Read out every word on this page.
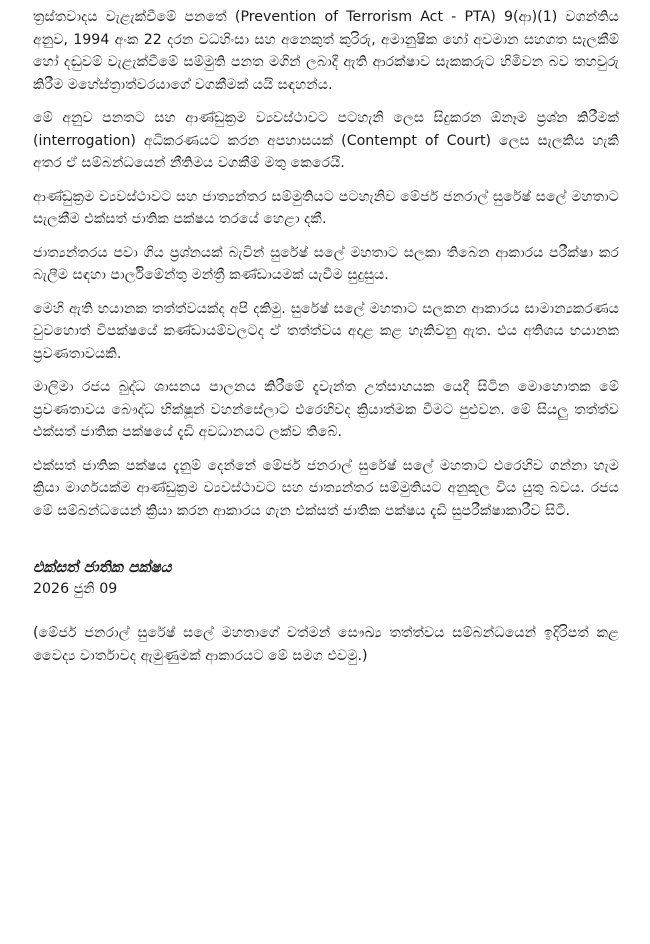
ත්‍රස්තවාදය වැළැක්වීමේ පනතේ (Prevention of Terrorism Act - PTA) 9(ආ)(1) වගන්තිය අනුව, 1994 අංක 22 දරන වධහිංසා සහ අනෙකුත් කුරිරු, අමානුෂික හෝ අවමාන සහගත සැලකීම් හෝ දඬුවම් වැළැක්වීමේ සම්මුති පනත මගින් ලබාදී ඇති ආරක්ෂාව සැකකරුට හිමිවන බව තහවුරු කිරීම මහේස්ත්‍රාත්වරයාගේ වගකීමක් යයි සඳහන්ය.

මේ අනුව පනතට සහ ආණ්ඩුක්‍රම ව්‍යවස්ථාවට පටහැනි ලෙස සිදුකරන ඕනෑම ප්‍රශ්න කිරීමක් (interrogation) අධිකරණයට කරන අපහාසයක් (Contempt of Court) ලෙස සැලකිය හැකි අතර ඒ සම්බන්ධයෙන් නීතිමය වගකීම් මතු කෙරෙයි.

ආණ්ඩුක්‍රම ව්‍යවස්ථාවට සහ ජාත්‍යන්තර සම්මුතියට පටහැනිව මේජර් ජනරාල් සුරේෂ් සලේ මහතාට සැලකීම එක්සත් ජාතික පක්ෂය තරයේ හෙළා දකී.

ජාත්‍යන්තරය පවා ගිය ප්‍රශ්නයක් බැවින් සුරේෂ් සලේ මහතාට සලකා තිබෙන ආකාරය පරීක්ෂා කර බැලීම සඳහා පාර්ලිමේන්තු මන්ත්‍රී කණ්ඩායමක් යැවීම සුදුසුය.

මෙහි ඇති භයානක තත්ත්වයක්ද අපි දකිමු. සුරේෂ් සලේ මහතාට සලකන ආකාරය සාමාන්‍යකරණය වුවහොත් විපක්ෂයේ කණ්ඩායම්වලටද ඒ තත්ත්වය අදාළ කළ හැකිවනු ඇත. එය අතිශය භයානක ප්‍රවණතාවයකි.

මාලිමා රජය බුද්ධ ශාසනය පාලනය කිරීමේ දැවැන්ත උත්සාහයක යෙදී සිටින මොහොතක මේ ප්‍රවණතාවය බෞද්ධ භික්ෂූන් වහන්සේලාට එරෙහිවද ක්‍රියාත්මක වීමට පුළුවන. මේ සියලු තත්ත්ව එක්සත් ජාතික පක්ෂයේ දැඩි අවධානයට ලක්ව තිබේ.

එක්සත් ජාතික පක්ෂය දැනුම් දෙන්නේ මේජර් ජනරාල් සුරේෂ් සලේ මහතාට එරෙහිව ගන්නා හැම ක්‍රියා මාර්ගයක්ම ආණ්ඩුක්‍රම ව්‍යවස්ථාවට සහ ජාත්‍යන්තර සම්මුතියට අනුකූල විය යුතු බවය. රජය මේ සම්බන්ධයෙන් ක්‍රියා කරන ආකාරය ගැන එක්සත් ජාතික පක්ෂය දැඩි සුපරීක්ෂාකාරීව සිටී.

එක්සත් ජාතික පක්ෂය

2026 ජුනි 09

(මේජර් ජනරාල් සුරේෂ් සලේ මහතාගේ වත්මන් සෞඛ්‍ය තත්ත්වය සම්බන්ධයෙන් ඉදිරිපත් කළ වෛද්‍ය වාර්තාවද ඇමුණුමක් ආකාරයට මේ සමග එවමු.)
